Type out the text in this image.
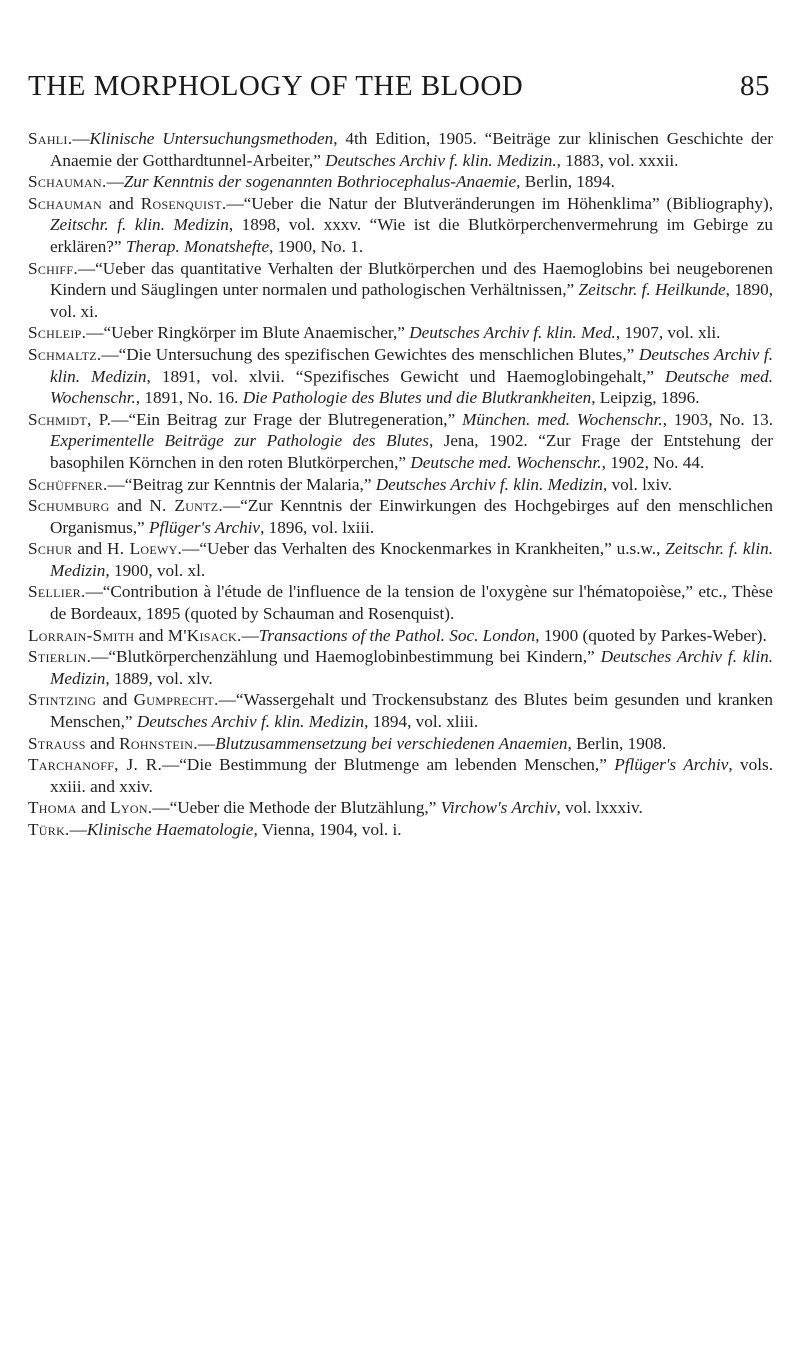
THE MORPHOLOGY OF THE BLOOD	85

Sahli.—Klinische Untersuchungsmethoden, 4th Edition, 1905. “Beiträge zur klinischen Geschichte der Anaemie der Gotthardtunnel-Arbeiter,” Deutsches Archiv f. klin. Medizin., 1883, vol. xxxii.

Schauman.—Zur Kenntnis der sogenannten Bothriocephalus-Anaemie, Berlin, 1894.

Schauman and Rosenquist.—“Ueber die Natur der Blutveränderungen im Höhenklima” (Bibliography), Zeitschr. f. klin. Medizin, 1898, vol. xxxv. “Wie ist die Blutkörperchenvermehrung im Gebirge zu erklären?” Therap. Monatshefte, 1900, No. 1.

Schiff.—“Ueber das quantitative Verhalten der Blutkörperchen und des Haemoglobins bei neugeborenen Kindern und Säuglingen unter normalen und pathologischen Verhältnissen,” Zeitschr. f. Heilkunde, 1890, vol. xi.

Schleip.—“Ueber Ringkörper im Blute Anaemischer,” Deutsches Archiv f. klin. Med., 1907, vol. xli.

Schmaltz.—“Die Untersuchung des spezifischen Gewichtes des menschlichen Blutes,” Deutsches Archiv f. klin. Medizin, 1891, vol. xlvii. “Spezifisches Gewicht und Haemoglobingehalt,” Deutsche med. Wochenschr., 1891, No. 16. Die Pathologie des Blutes und die Blutkrankheiten, Leipzig, 1896.

Schmidt, P.—“Ein Beitrag zur Frage der Blutregeneration,” München. med. Wochenschr., 1903, No. 13. Experimentelle Beiträge zur Pathologie des Blutes, Jena, 1902. “Zur Frage der Entstehung der basophilen Körnchen in den roten Blutkörperchen,” Deutsche med. Wochenschr., 1902, No. 44.

Schüffner.—“Beitrag zur Kenntnis der Malaria,” Deutsches Archiv f. klin. Medizin, vol. lxiv.

Schumburg and N. Zuntz.—“Zur Kenntnis der Einwirkungen des Hochgebirges auf den menschlichen Organismus,” Pflüger's Archiv, 1896, vol. lxiii.

Schur and H. Loewy.—“Ueber das Verhalten des Knockenmarkes in Krankheiten,” u.s.w., Zeitschr. f. klin. Medizin, 1900, vol. xl.

Sellier.—“Contribution à l'étude de l'influence de la tension de l'oxygène sur l'hématopoièse,” etc., Thèse de Bordeaux, 1895 (quoted by Schauman and Rosenquist).

Lorrain-Smith and M'Kisack.—Transactions of the Pathol. Soc. London, 1900 (quoted by Parkes-Weber).

Stierlin.—“Blutkörperchenzählung und Haemoglobinbestimmung bei Kindern,” Deutsches Archiv f. klin. Medizin, 1889, vol. xlv.

Stintzing and Gumprecht.—“Wassergehalt und Trockensubstanz des Blutes beim gesunden und kranken Menschen,” Deutsches Archiv f. klin. Medizin, 1894, vol. xliii.

Strauss and Rohnstein.—Blutzusammensetzung bei verschiedenen Anaemien, Berlin, 1908.

Tarchanoff, J. R.—“Die Bestimmung der Blutmenge am lebenden Menschen,” Pflüger's Archiv, vols. xxiii. and xxiv.

Thoma and Lyon.—“Ueber die Methode der Blutzählung,” Virchow's Archiv, vol. lxxxiv.

Türk.—Klinische Haematologie, Vienna, 1904, vol. i.
